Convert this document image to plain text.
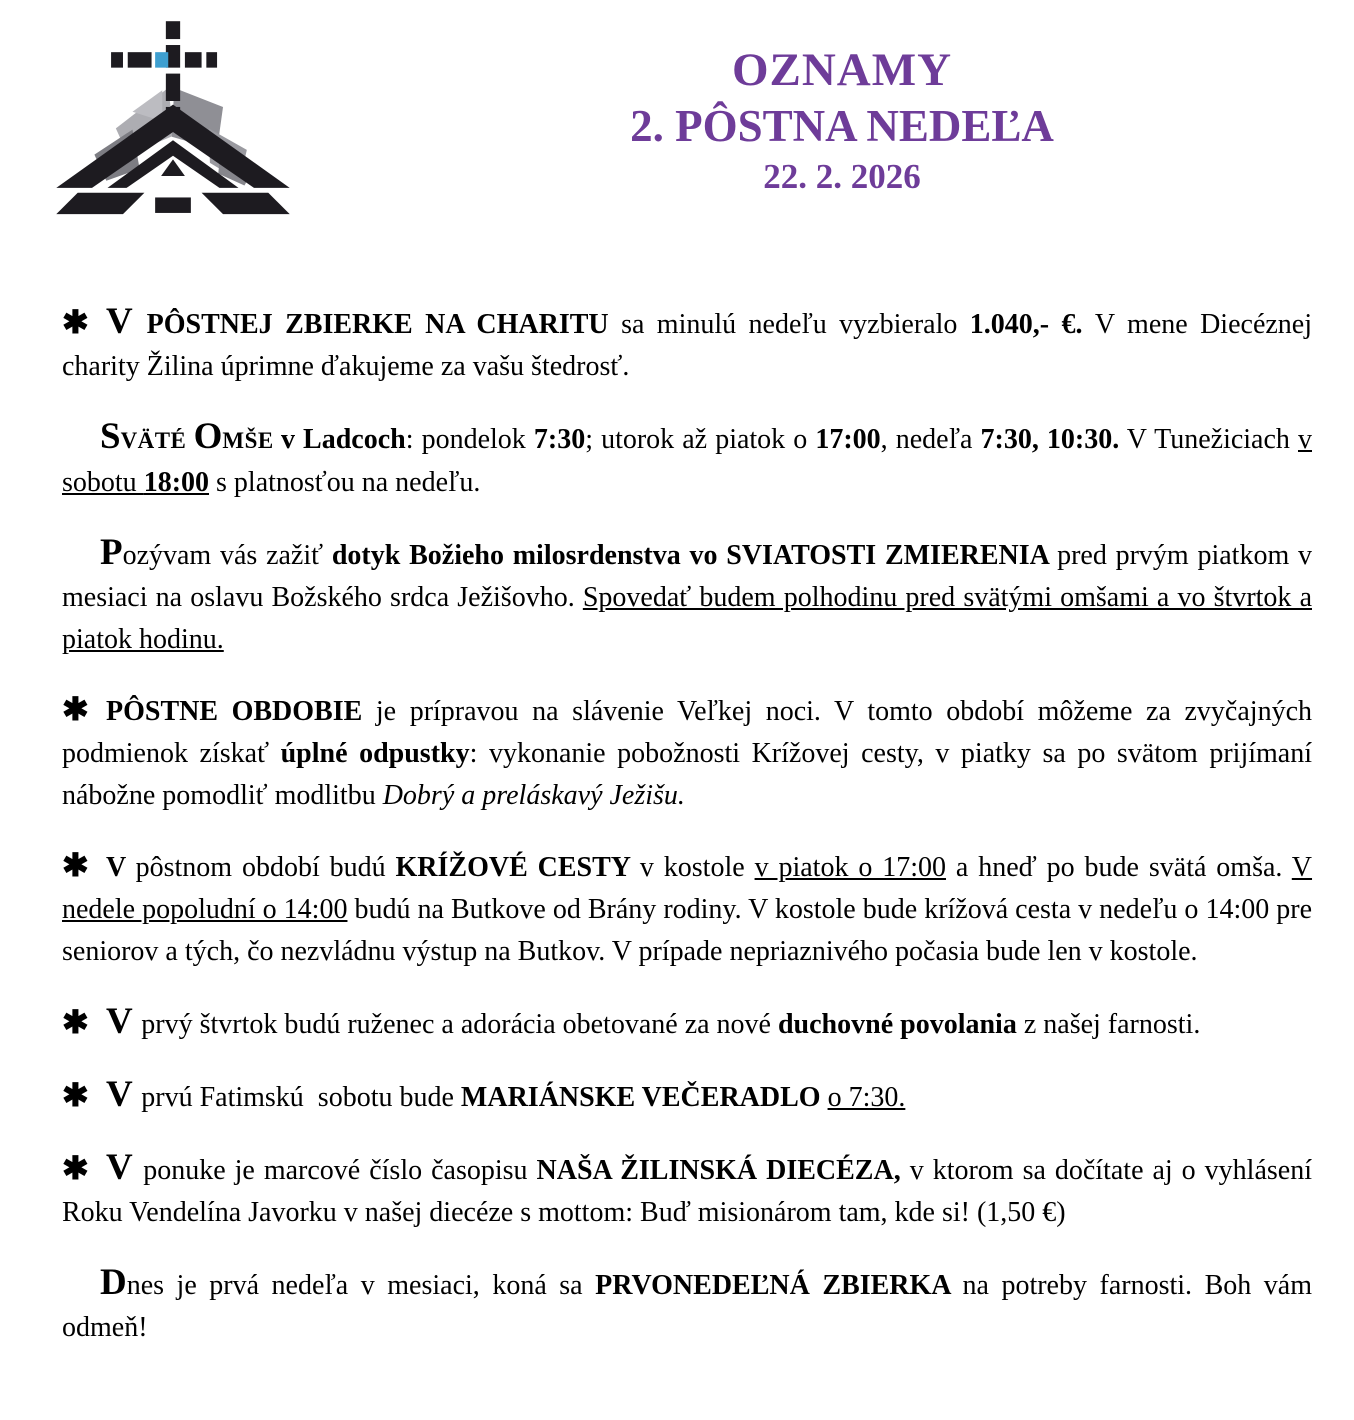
OZNAMY
2. PÔSTNA NEDEĽA
22. 2. 2026
✱ V PÔSTNEJ ZBIERKE NA CHARITU sa minulú nedeľu vyzbieralo 1.040,- €. V mene Diecéznej charity Žilina úprimne ďakujeme za vašu štedrosť.
SVÄTÉ OMŠE v Ladcoch: pondelok 7:30; utorok až piatok o 17:00, nedeľa 7:30, 10:30. V Tunežiciach v sobotu 18:00 s platnosťou na nedeľu.
Pozývam vás zažiť dotyk Božieho milosrdenstva vo SVIATOSTI ZMIERENIA pred prvým piatkom v mesiaci na oslavu Božského srdca Ježišovho. Spovedať budem polhodinu pred svätými omšami a vo štvrtok a piatok hodinu.
✱ PÔSTNE OBDOBIE je prípravou na slávenie Veľkej noci. V tomto období môžeme za zvyčajných podmienok získať úplné odpustky: vykonanie pobožnosti Krížovej cesty, v piatky sa po svätom prijímaní nábožne pomodliť modlitbu Dobrý a preláskavý Ježišu.
✱ V pôstnom období budú KRÍŽOVÉ CESTY v kostole v piatok o 17:00 a hneď po bude svätá omša. V nedele popoludní o 14:00 budú na Butkove od Brány rodiny. V kostole bude krížová cesta v nedeľu o 14:00 pre seniorov a tých, čo nezvládnu výstup na Butkov. V prípade nepriaznivého počasia bude len v kostole.
✱ V prvý štvrtok budú ruženec a adorácia obetované za nové duchovné povolania z našej farnosti.
✱ V prvú Fatimskú  sobotu bude MARIÁNSKE VEČERADLO o 7:30.
✱ V ponuke je marcové číslo časopisu NAŠA ŽILINSKÁ DIECÉZA, v ktorom sa dočítate aj o vyhlásení Roku Vendelína Javorku v našej diecéze s mottom: Buď misionárom tam, kde si! (1,50 €)
Dnes je prvá nedeľa v mesiaci, koná sa PRVONEDEĽNÁ ZBIERKA na potreby farnosti. Boh vám odmeň!
